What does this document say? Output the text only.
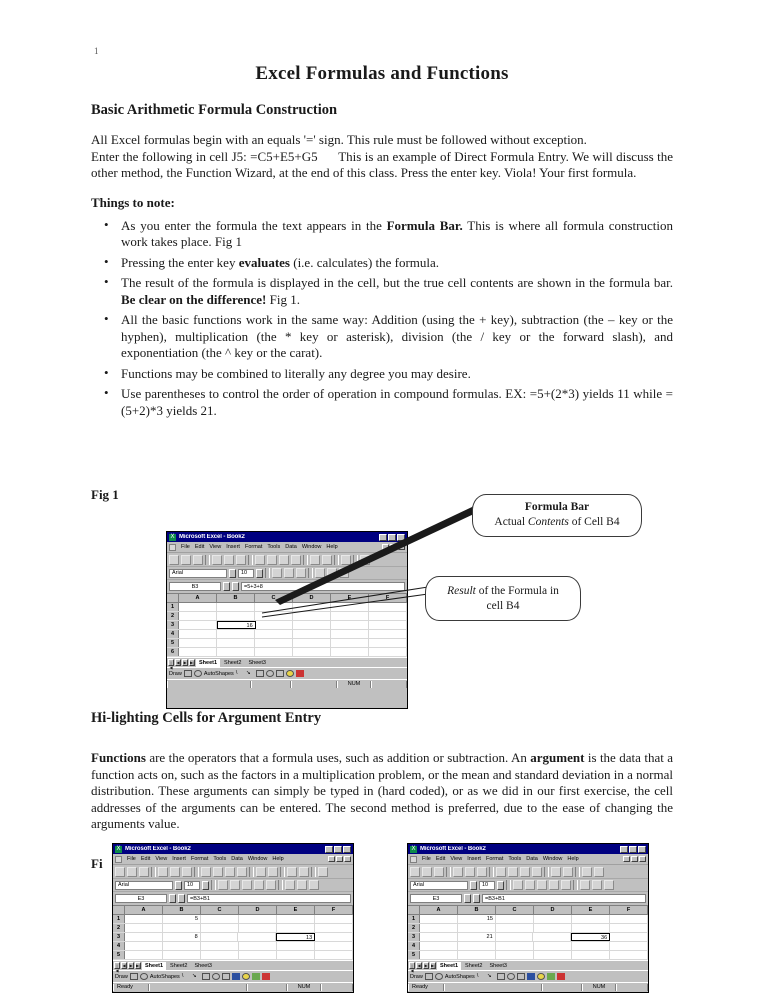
1
Excel Formulas and Functions
Basic Arithmetic Formula Construction

All Excel formulas begin with an equals '=' sign. This rule must be followed without exception.

Enter the following in cell J5: =C5+E5+G5 This is an example of Direct Formula Entry. We will discuss the other method, the Function Wizard, at the end of this class. Press the enter key. Viola! Your first formula.

Things to note:
• As you enter the formula the text appears in the Formula Bar. This is where all formula construction work takes place. Fig 1
• Pressing the enter key evaluates (i.e. calculates) the formula.
• The result of the formula is displayed in the cell, but the true cell contents are shown in the formula bar. Be clear on the difference! Fig 1.
• All the basic functions work in the same way: Addition (using the + key), subtraction (the – key or the hyphen), multiplication (the * key or asterisk), division (the / key or the forward slash), and exponentiation (the ^ key or the carat).
• Functions may be combined to literally any degree you may desire.
• Use parentheses to control the order of operation in compound formulas. EX: =5+(2*3) yields 11 while =(5+2)*3 yields 21.
Fig 1
Formula Bar
Actual Contents of Cell B4
Result of the Formula in
cell B4
X Microsoft Excel - Book2
File Edit View Insert Format Tools Data Window Help
Arial	10
B3	=5+3+8
A	B	C	D	E	F
1
2
3	16
4
5
6
|◀
◀ ▶ ▶| Sheet1	Sheet2	Sheet3
Draw	AutoShapes \	↘
NUM
Hi-lighting Cells for Argument Entry

Functions are the operators that a formula uses, such as addition or subtraction. An argument is the data that a function acts on, such as the factors in a multiplication problem, or the mean and standard deviation in a normal distribution. These arguments can simply be typed in (hard coded), or as we did in our first exercise, the cell addresses of the arguments can be entered. The second method is preferred, due to the ease of changing the arguments value.

Fi
X Microsoft Excel - Book2
File Edit View Insert Format Tools Data Window Help
Arial	10
E3	=B3+B1
A	B	C	D	E	F
1	5
2
3	8	13
4
5
|◀
◀ ▶ ▶| Sheet1	Sheet2	Sheet3
Draw	AutoShapes \	↘
Ready	NUM
X Microsoft Excel - Book2
File Edit View Insert Format Tools Data Window Help
Arial	10
E3	=B3+B1
A	B	C	D	E	F
1	15
2
3	21	36
4
5
|◀
◀ ▶ ▶| Sheet1	Sheet2	Sheet3
Draw	AutoShapes \	↘
Ready	NUM
